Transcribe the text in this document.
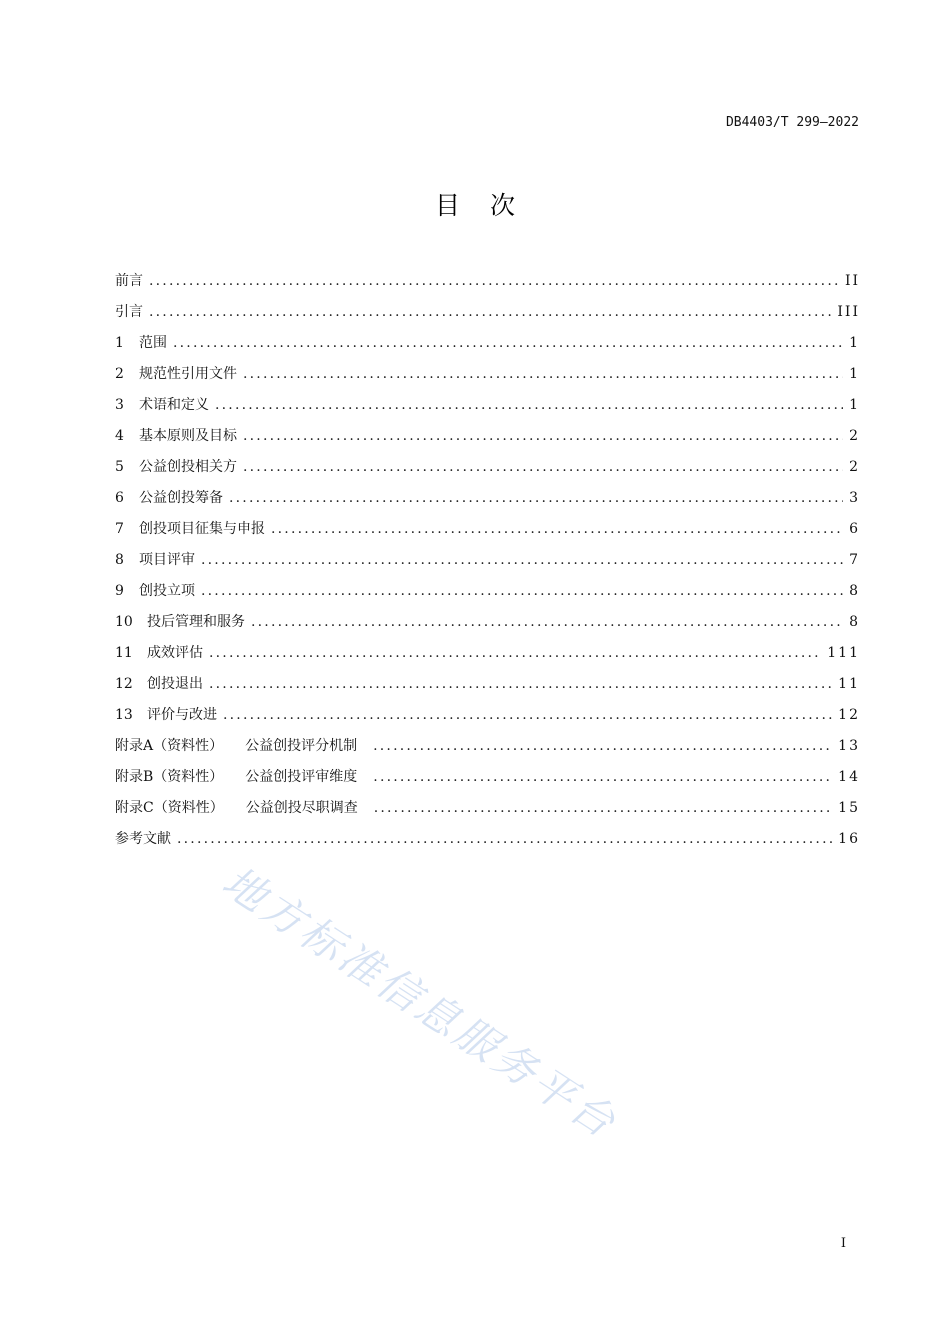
DB4403/T 299—2022
目次
前言 .....	II
引言 .....	III
1	范围 .....	1
2	规范性引用文件 .....	1
3	术语和定义 .....	1
4	基本原则及目标 .....	2
5	公益创投相关方 .....	2
6	公益创投筹备 .....	3
7	创投项目征集与申报 .....	6
8	项目评审 .....	7
9	创投立项 .....	8
10	投后管理和服务 .....	8
11	成效评估 .....	111
12	创投退出 .....	11
13	评价与改进 .....	12
附录A（资料性） 公益创投评分机制 .....	13
附录B（资料性） 公益创投评审维度 .....	14
附录C（资料性） 公益创投尽职调查 .....	15
参考文献 .....	16
地方标准信息服务平台
I
